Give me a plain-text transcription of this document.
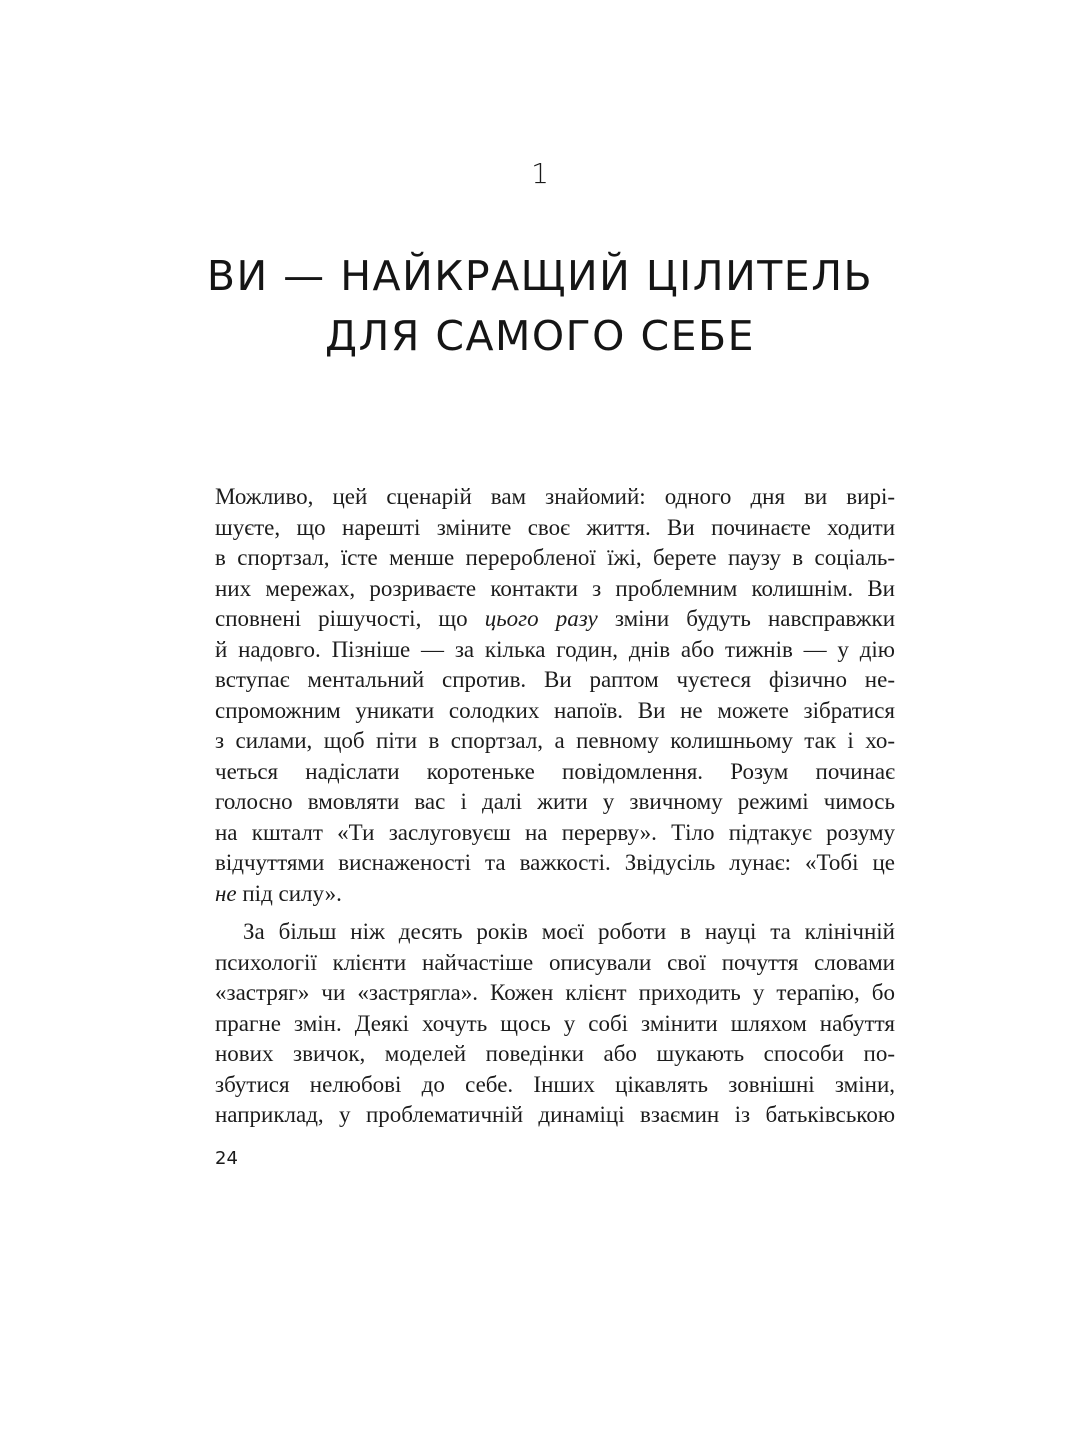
1
ВИ — НАЙКРАЩИЙ ЦІЛИТЕЛЬ
ДЛЯ САМОГО СЕБЕ
Можливо, цей сценарій вам знайомий: одного дня ви вирі-
шуєте, що нарешті зміните своє життя. Ви починаєте ходити
в спортзал, їсте менше переробленої їжі, берете паузу в соціаль-
них мережах, розриваєте контакти з проблемним колишнім. Ви
сповнені рішучості, що цього разу зміни будуть навсправжки
й надовго. Пізніше — за кілька годин, днів або тижнів — у дію
вступає ментальний спротив. Ви раптом чуєтеся фізично не-
спроможним уникати солодких напоїв. Ви не можете зібратися
з силами, щоб піти в спортзал, а певному колишньому так і хо-
четься надіслати коротеньке повідомлення. Розум починає
голосно вмовляти вас і далі жити у звичному режимі чимось
на кшталт «Ти заслуговуєш на перерву». Тіло підтакує розуму
відчуттями виснаженості та важкості. Звідусіль лунає: «Тобі це
не під силу».
За більш ніж десять років моєї роботи в науці та клінічній
психології клієнти найчастіше описували свої почуття словами
«застряг» чи «застрягла». Кожен клієнт приходить у терапію, бо
прагне змін. Деякі хочуть щось у собі змінити шляхом набуття
нових звичок, моделей поведінки або шукають способи по-
збутися нелюбові до себе. Інших цікавлять зовнішні зміни,
наприклад, у проблематичній динаміці взаємин із батьківською
24
